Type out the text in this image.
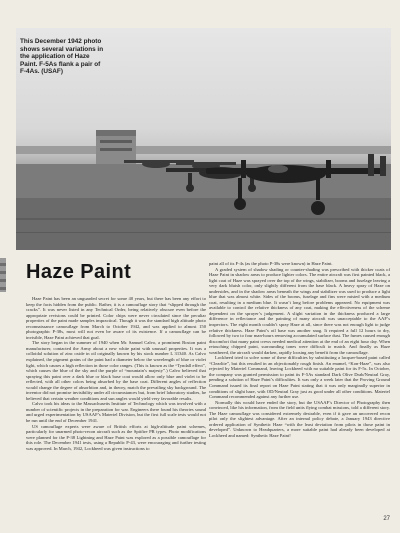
This December 1942 photo shows several variations in the application of Haze Paint. F-5As flank a pair of F-4As. (USAF)
Haze Paint

Haze Paint has been an unguarded secret for some 40 years, but there has been any effort to keep the facts hidden from the public. Rather, it is a camouflage story that “slipped through the cracks”. It was never listed in any Technical Order, being relatively obscure even before the appropriate revisions could be printed. Color chips were never circulated since the peculiar properties of the paint made samples impractical. Though it was the standard high altitude photo reconnaissance camouflage from March to October 1942, and was applied to almost 150 photographic P-38s, most will not even be aware of its existence. If a camouflage can be invisible, Haze Paint achieved that goal.

The story began in the summer of 1940 when Mr. Samuel Calvo, a prominent Boston paint manufacturer, contacted the Army about a new white paint with unusual properties. It was a colloidal solution of zinc oxide in oil originally known by his stock number L 31340. As Calvo explained, the pigment grains of the paint had a diameter below the wavelength of blue or violet light, which causes a high reflection in those color ranges. (This is known as the “Tyndall effect”, which causes the blue of the sky and the purple of “mountain’s majesty”.) Calvo believed that spraying this paint over a dark blue or black base coat would allow only blue and violet to be reflected, with all other colors being absorbed by the base coat. Different angles of reflection would change the degree of absorbtion and, in theory, match the prevailing sky background. The inventor did not promise invisibility under all circumstances but, from brief laboratory studies, he believed that certain weather conditions and sun angles would yield very favorable results.

Calvo took his ideas to the Massachusetts Institute of Technology which was involved with a number of scientific projects in the preparation for war. Engineers there found his theories sound and urged experimentation by USAAF’s Materiel Division, but the first full scale tests would not be run until the end of December 1941.

US camouflage experts were aware of British efforts at high-altitude paint schemes, particularly for unarmed photo-recon aircraft such as the Spitfire PR types. Photo modifications were planned for the P-38 Lightning and Haze Paint was explored as a possible camouflage for this role. The December 1941 tests, using a Republic P-43, were encouraging and further testing was approved. In March, 1942, Lockheed was given instructions to

paint all of its F-4s (as the photo P-38s were known) in Haze Paint.

A graded system of shadow shading or counter-shading was prescribed with thicker coats of Haze Paint in shadow areas to produce lighter colors. The entire aircraft was first painted black, a light coat of Haze was sprayed over the top of the wings, stabilizer, booms and fuselage leaving a very dark bluish color, only slightly different from the base black. A heavy spray of Haze on undersides, and in the shadow areas beneath the wings and stabilizer was used to produce a light blue that was almost white. Sides of the booms, fuselage and fins were misted with a medium coat, resulting in a medium blue. It wasn’t long before problems appeared. No equipment was available to control the relative thickness of any coat, making the effectiveness of the scheme dependent on the sprayer’s judgement. A slight variation in the thickness produced a large difference in reflectance and the painting of many aircraft was unacceptable to the AAF’s inspectors. The eight month couldn’t spray Haze at all, since there was not enough light to judge relative thickness. Haze Paint’s oil base was another snag. It required a full 12 hours to dry, followed by two to four man-hours removing accumulated surface dust. The fumes caused enough discomfort that many paint crews needed medical attention at the end of an eight hour day. When retouching chipped paint, surrounding tones were difficult to match. And finally as Haze weathered, the aircraft would darken, rapidly loosing any benefit from the camouflage.

Lockheed tried to solve some of these difficulties by substituting a lacquer-based paint called “Clearlite”, but this resulted in an objectionably rough finish. An enamel, “Kon-Haze”, was also rejected by Materiel Command, leaving Lockheed with no suitable paint for its F-5s. In October, the company was granted permission to paint its F-5As standard Dark Olive Drab/Neutral Gray, pending a solution of Haze Paint’s difficulties. It was only a week later that the Proving Ground Command issued its final report on Haze Paint stating that it was only marginally superior in conditions of slight haze, with OD/Neutral Gray just as good under all other conditions. Materiel Command recommended against any further use.

Normally this would have ended the story, but the USAAF’s Director of Photography then convinced, like his information, from the field units flying combat missions, told a different story. The Haze camouflage was considered extremely desirable, even if it gave an uncovered recon pilot only the slightest advantage. After an internal policy debate, a January 1943 directive ordered application of Synthetic Haze “with the least deviation from pilots in those paint in developed”. Unknown to Headquarters, a more suitable paint had already been developed at Lockheed and named: Synthetic Haze Paint!

27
